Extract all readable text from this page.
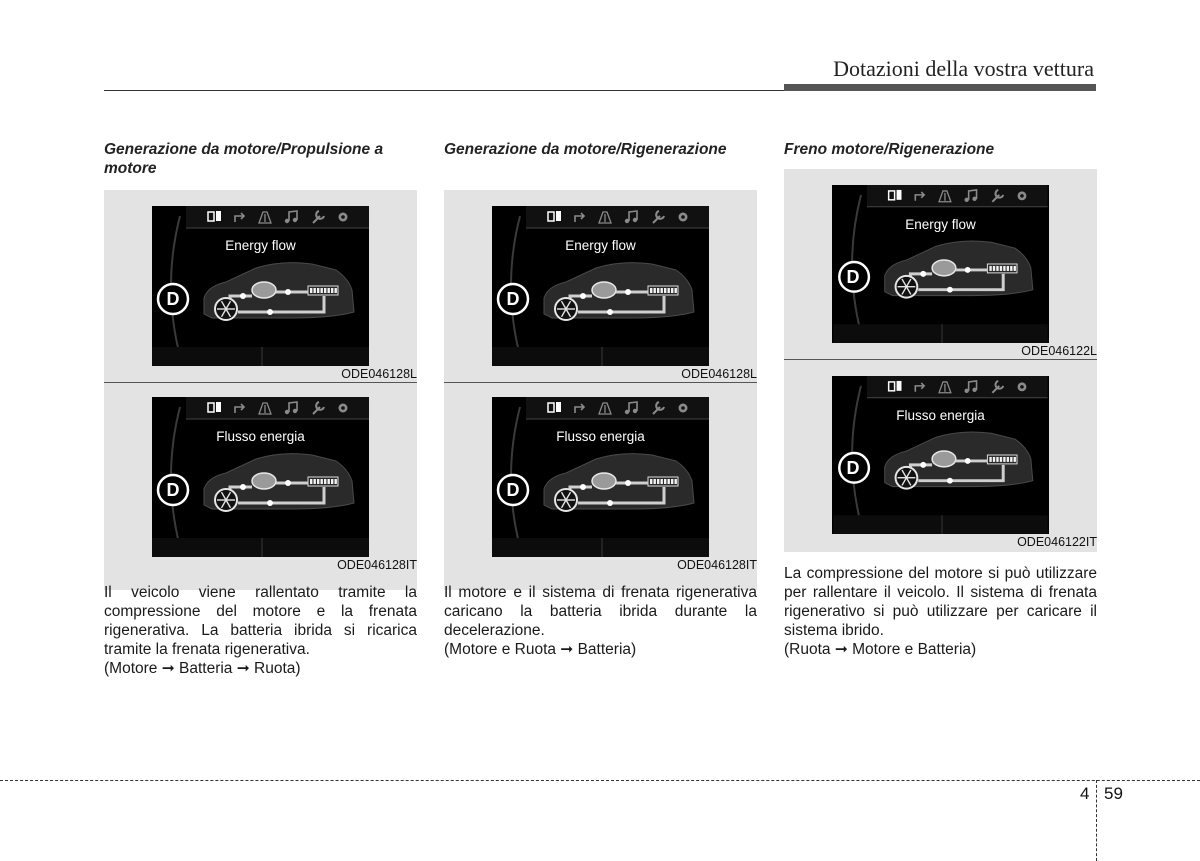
Dotazioni della vostra vettura
Generazione da motore/Propulsione a motore
Energy flow
D
ODE046128L
Flusso energia
D
ODE046128IT

Il veicolo viene rallentato tramite la compressione del motore e la frenata rigenerativa. La batteria ibrida si ricarica tramite la frenata rigenerativa.

(Motore ➞ Batteria ➞ Ruota)

Generazione da motore/Rigenerazione
Energy flow
D
ODE046128L
Flusso energia
D
ODE046128IT

Il motore e il sistema di frenata rigenerativa caricano la batteria ibrida durante la decelerazione.

(Motore e Ruota ➞ Batteria)

Freno motore/Rigenerazione
Energy flow
D
ODE046122L
Flusso energia
D
ODE046122IT

La compressione del motore si può utilizzare per rallentare il veicolo. Il sistema di frenata rigenerativo si può utilizzare per caricare il sistema ibrido.

(Ruota ➞ Motore e Batteria)

4 59
